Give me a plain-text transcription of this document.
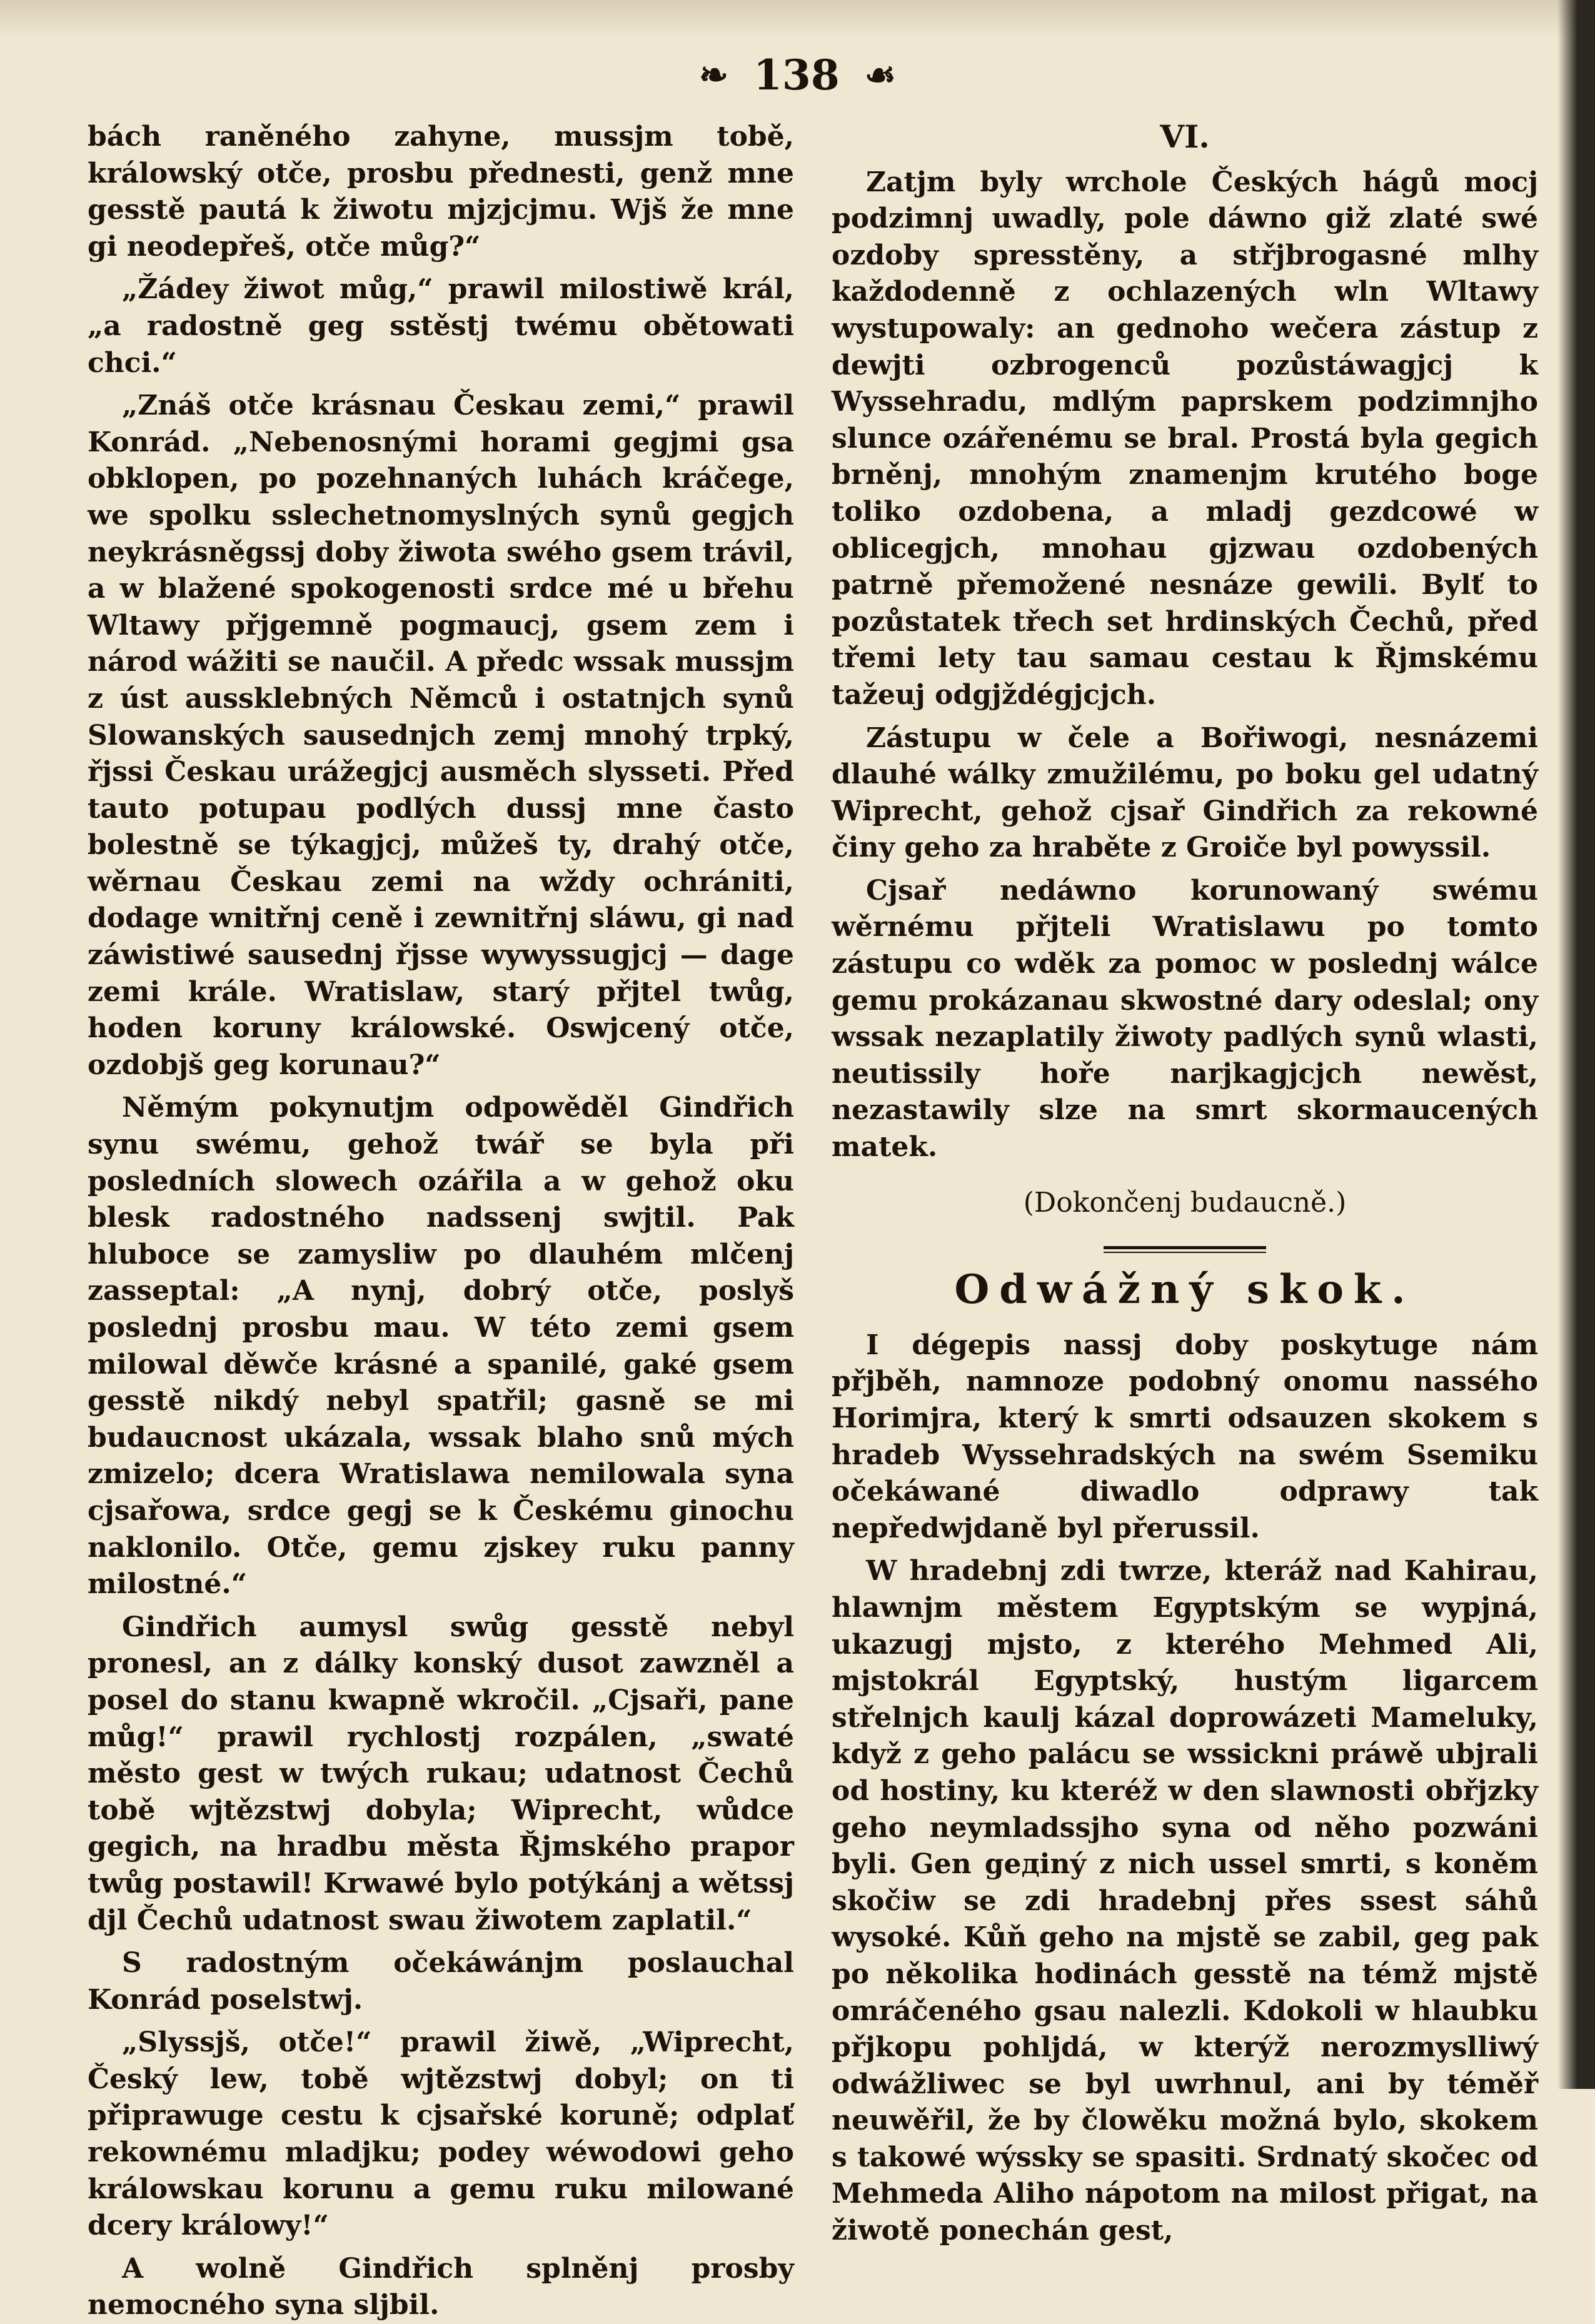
❧ 138 ☙

bách raněného zahyne, mussjm tobě, králowský otče, prosbu přednesti, genž mne gesstě pautá k žiwotu mjzjcjmu. Wjš že mne gi neodepřeš, otče můg?“

„Žádey žiwot můg,“ prawil milostiwě král, „a radostně geg sstěstj twému obětowati chci.“

„Znáš otče krásnau Českau zemi,“ prawil Konrád. „Nebenosnými horami gegjmi gsa obklopen, po pozehnaných luhách kráčege, we spolku sslechetnomyslných synů gegjch neykrásněgssj doby žiwota swého gsem trávil, a w blažené spokogenosti srdce mé u břehu Wltawy přjgemně pogmaucj, gsem zem i národ wážiti se naučil. A předc wssak mussjm z úst aussklebných Němců i ostatnjch synů Slowanských sausednjch zemj mnohý trpký, řjssi Českau urážegjcj ausměch slysseti. Před tauto potupau podlých dussj mne často bolestně se týkagjcj, můžeš ty, drahý otče, wěrnau Českau zemi na wždy ochrániti, dodage wnitřnj ceně i zewnitřnj sláwu, gi nad záwistiwé sausednj řjsse wywyssugjcj — dage zemi krále. Wratislaw, starý přjtel twůg, hoden koruny králowské. Oswjcený otče, ozdobjš geg korunau?“

Němým pokynutjm odpowěděl Gindřich synu swému, gehož twář se byla při posledních slowech ozářila a w gehož oku blesk radostného nadssenj swjtil. Pak hlubоce se zamysliw po dlauhém mlčenj zasseptal: „A nynj, dobrý otče, poslyš poslednj prosbu mau. W této zemi gsem milowal děwče krásné a spanilé, gaké gsem gesstě nikdý nebyl spatřil; gasně se mi budaucnost ukázala, wssak blaho snů mých zmizelo; dcera Wratislawa nemilowala syna cjsařowa, srdce gegj se k Českému ginochu naklonilo. Otče, gemu zjskey ruku panny milostné.“

Gindřich aumysl swůg gesstě nebyl pronesl, an z dálky konský dusot zawzněl a posel do stanu kwapně wkročil. „Cjsaři, pane můg!“ prawil rychlostj rozpálen, „swaté město gest w twých rukau; udatnost Čechů tobě wjtězstwj dobyla; Wiprecht, wůdce gegich, na hradbu města Řjmského prapor twůg postawil! Krwawé bylo potýkánj a wětssj djl Čechů udatnost swau žiwotem zaplatil.“

S radostným očekáwánjm poslauchal Konrád poselstwj.

„Slyssjš, otče!“ prawil žiwě, „Wiprecht, Český lew, tobě wjtězstwj dobyl; on ti připrawuge cestu k cjsařské koruně; odplať rekownému mladjku; podey wéwodowi geho králowskau korunu a gemu ruku milowané dcery králowy!“

A wolně Gindřich splněnj prosby nemocného syna slјbil.

VI.

Zatjm byly wrchole Českých hágů mocj podzimnj uwadly, pole dáwno giž zlaté swé ozdoby spresstěny, a střjbrogasné mlhy každodenně z ochlazených wln Wltawy wystupowaly: an gednoho wečera zástup z dewjti ozbrogenců pozůstáwagjcj k Wyssehradu, mdlým paprskem podzimnjho slunce ozářenému se bral. Prostá byla gegich brněnj, mnohým znamenjm krutého boge tolikо ozdobena, a mladj gezdcowé w oblicegjch, mnohau gjzwau ozdobených patrně přemožené nesnáze gewili. Bylť to pozůstatek třech set hrdinských Čechů, před třemi lety tau samau cestau k Řjmskému tažeuj odgjždégjcjch.

Zástupu w čele a Bořiwogi, nesnázemi dlauhé wálky zmužilému, po boku gel udatný Wiprecht, gehož cjsař Gindřich za rekowné činy geho za hraběte z Groiče byl powyssil.

Cjsař nedáwno korunowaný swému wěrnému přjteli Wratislawu po tomto zástupu co wděk za pomoc w poslednj wálce gemu prokázanau skwostné dary odeslal; ony wssak nezaplatily žiwoty padlých synů wlasti, neutissily hoře narjkagjcjch newěst, nezastawily slze na smrt skormaucených matek.

(Dokončenj budaucně.)
Odwážný skok.

I dégepis nassj doby poskytuge nám přjběh, namnoze podobný onomu nassého Horimjra, který k smrti odsauzen skokem s hradeb Wyssehradských na swém Ssemiku očekáwané diwadlo odprawy tak nepředwjdaně byl přerussil.

W hradebnj zdi twrze, kteráž nad Kahirau, hlawnjm městem Egyptským se wypjná, ukazugj mjsto, z kterého Mehmed Ali, mjstokrál Egyptský, hustým ligarcem střelnjch kaulj kázal doprowázeti Mameluky, když z geho palácu se wssickni práwě ubjrali od hostiny, ku kteréž w den slawnosti obřjzky geho neymladssjho syna od něho pozwáni byli. Gen geдiný z nich ussel smrti, s koněm skočiw se zdi hradebnj přes ssest sáhů wysoké. Kůň geho na mjstě se zabil, geg pak po několika hodinách gesstě na témž mjstě omráčeného gsau nalezli. Kdokoli w hlaubku přjkopu pohlјdá, w kterýž nerozmyslliwý odwážliwec se byl uwrhnul, ani by téměř neuwěřil, že by člowěku možná bylo, skokem s takowé wýssky se spasiti. Srdnatý skočec od Mehmeda Aliho nápotom na milost přigat, na žiwotě ponechán gest,
